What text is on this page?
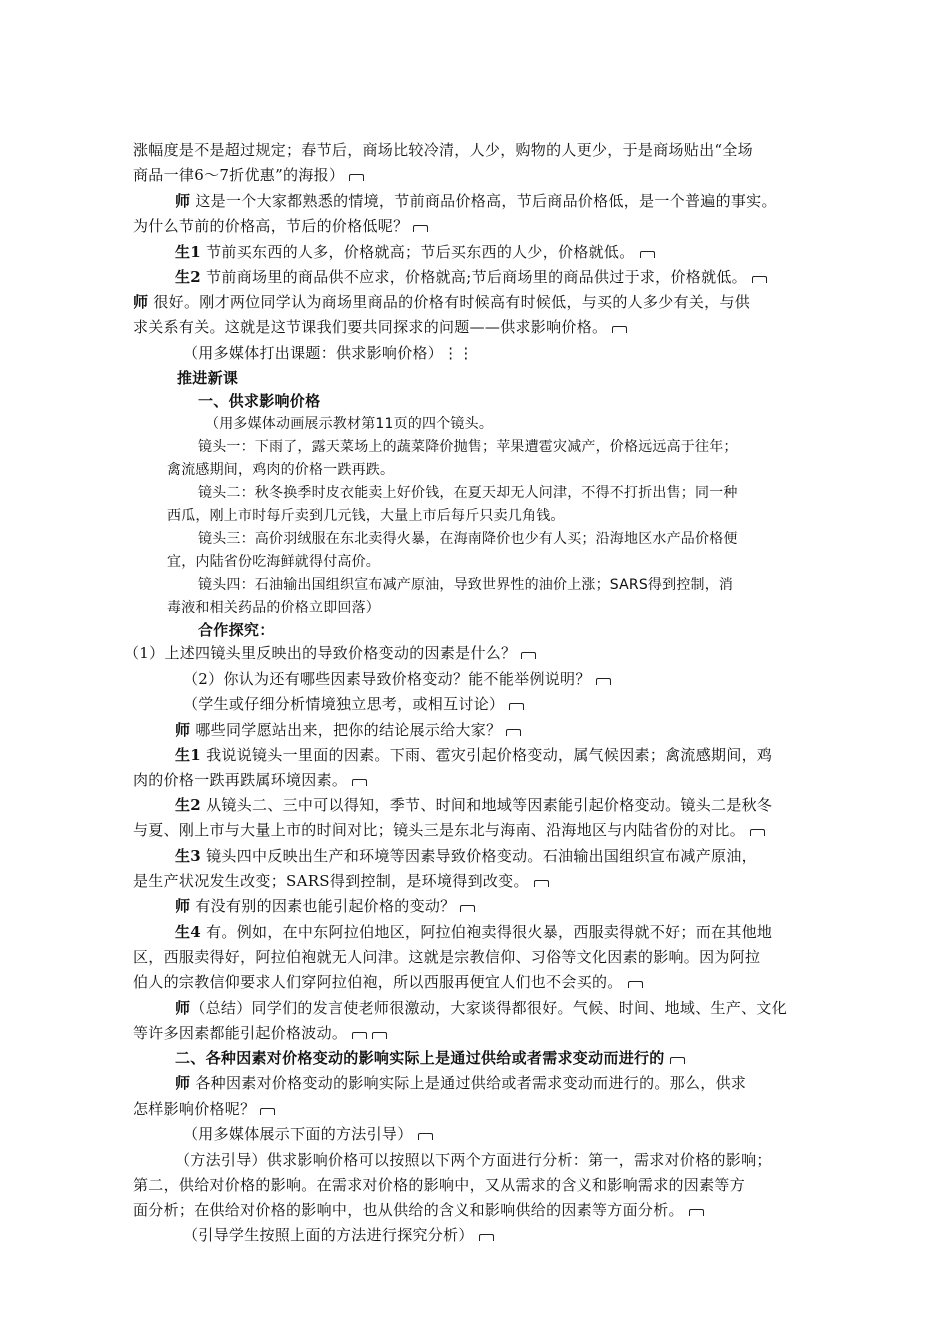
涨幅度是不是超过规定；春节后，商场比较冷清，人少，购物的人更少，于是商场贴出“全场

商品一律6～7折优惠”的海报）

师 这是一个大家都熟悉的情境，节前商品价格高，节后商品价格低，是一个普遍的事实。

为什么节前的价格高，节后的价格低呢？

生1 节前买东西的人多，价格就高；节后买东西的人少，价格就低。

生2 节前商场里的商品供不应求，价格就高;节后商场里的商品供过于求，价格就低。

师 很好。刚才两位同学认为商场里商品的价格有时候高有时候低，与买的人多少有关，与供

求关系有关。这就是这节课我们要共同探求的问题——供求影响价格。

（用多媒体打出课题：供求影响价格）⋮⋮

推进新课

一、供求影响价格

（用多媒体动画展示教材第11页的四个镜头。

镜头一：下雨了，露天菜场上的蔬菜降价抛售；苹果遭雹灾减产，价格远远高于往年；

禽流感期间，鸡肉的价格一跌再跌。

镜头二：秋冬换季时皮衣能卖上好价钱，在夏天却无人问津，不得不打折出售；同一种

西瓜，刚上市时每斤卖到几元钱，大量上市后每斤只卖几角钱。

镜头三：高价羽绒服在东北卖得火暴，在海南降价也少有人买；沿海地区水产品价格便

宜，内陆省份吃海鲜就得付高价。

镜头四：石油输出国组织宣布减产原油，导致世界性的油价上涨；SARS得到控制，消

毒液和相关药品的价格立即回落）

合作探究：

（1）上述四镜头里反映出的导致价格变动的因素是什么？

（2）你认为还有哪些因素导致价格变动？能不能举例说明？

（学生或仔细分析情境独立思考，或相互讨论）

师 哪些同学愿站出来，把你的结论展示给大家？

生1 我说说镜头一里面的因素。下雨、雹灾引起价格变动，属气候因素；禽流感期间，鸡

肉的价格一跌再跌属环境因素。

生2 从镜头二、三中可以得知，季节、时间和地域等因素能引起价格变动。镜头二是秋冬

与夏、刚上市与大量上市的时间对比；镜头三是东北与海南、沿海地区与内陆省份的对比。

生3 镜头四中反映出生产和环境等因素导致价格变动。石油输出国组织宣布减产原油，

是生产状况发生改变；SARS得到控制，是环境得到改变。

师 有没有别的因素也能引起价格的变动？

生4 有。例如，在中东阿拉伯地区，阿拉伯袍卖得很火暴，西服卖得就不好；而在其他地

区，西服卖得好，阿拉伯袍就无人问津。这就是宗教信仰、习俗等文化因素的影响。因为阿拉

伯人的宗教信仰要求人们穿阿拉伯袍，所以西服再便宜人们也不会买的。

师（总结）同学们的发言使老师很激动，大家谈得都很好。气候、时间、地域、生产、文化

等许多因素都能引起价格波动。

二、各种因素对价格变动的影响实际上是通过供给或者需求变动而进行的

师 各种因素对价格变动的影响实际上是通过供给或者需求变动而进行的。那么，供求

怎样影响价格呢？

（用多媒体展示下面的方法引导）

（方法引导）供求影响价格可以按照以下两个方面进行分析：第一，需求对价格的影响；

第二，供给对价格的影响。在需求对价格的影响中，又从需求的含义和影响需求的因素等方

面分析；在供给对价格的影响中，也从供给的含义和影响供给的因素等方面分析。

（引导学生按照上面的方法进行探究分析）
